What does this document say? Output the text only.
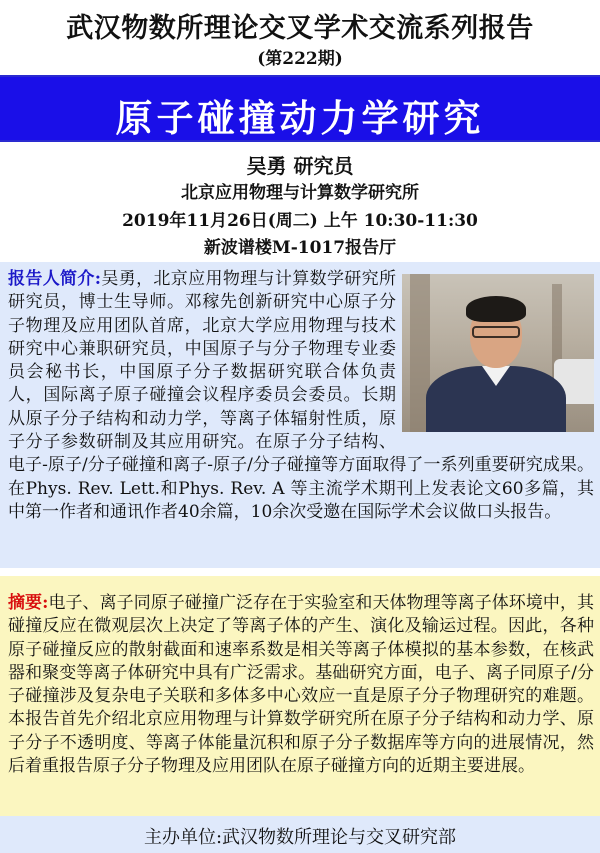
武汉物数所理论交叉学术交流系列报告
(第222期)
原子碰撞动力学研究
吴勇 研究员
北京应用物理与计算数学研究所
2019年11月26日(周二) 上午 10:30-11:30
新波谱楼M-1017报告厅
报告人简介:吴勇，北京应用物理与计算数学研究所研究员，博士生导师。邓稼先创新研究中心原子分子物理及应用团队首席，北京大学应用物理与技术研究中心兼职研究员，中国原子与分子物理专业委员会秘书长，中国原子分子数据研究联合体负责人，国际离子原子碰撞会议程序委员会委员。长期从原子分子结构和动力学，等离子体辐射性质，原子分子参数研制及其应用研究。在原子分子结构、电子-原子/分子碰撞和离子-原子/分子碰撞等方面取得了一系列重要研究成果。在Phys. Rev. Lett.和Phys. Rev. A 等主流学术期刊上发表论文60多篇，其中第一作者和通讯作者40余篇，10余次受邀在国际学术会议做口头报告。
摘要:电子、离子同原子碰撞广泛存在于实验室和天体物理等离子体环境中，其碰撞反应在微观层次上决定了等离子体的产生、演化及输运过程。因此，各种原子碰撞反应的散射截面和速率系数是相关等离子体模拟的基本参数，在核武器和聚变等离子体研究中具有广泛需求。基础研究方面，电子、离子同原子/分子碰撞涉及复杂电子关联和多体多中心效应一直是原子分子物理研究的难题。本报告首先介绍北京应用物理与计算数学研究所在原子分子结构和动力学、原子分子不透明度、等离子体能量沉积和原子分子数据库等方向的进展情况，然后着重报告原子分子物理及应用团队在原子碰撞方向的近期主要进展。
主办单位:武汉物数所理论与交叉研究部
